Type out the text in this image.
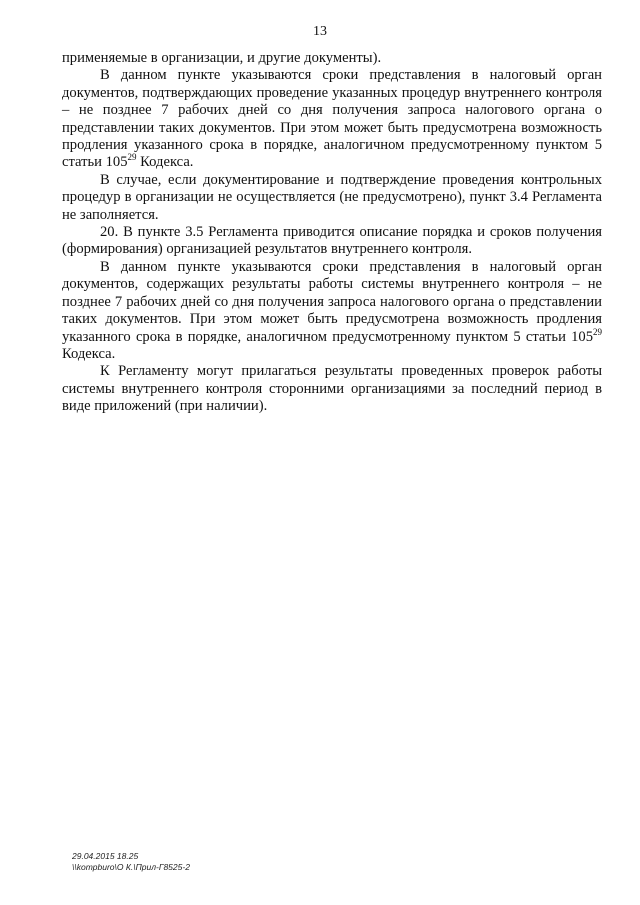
13

применяемые в организации, и другие документы).

В данном пункте указываются сроки представления в налоговый орган документов, подтверждающих проведение указанных процедур внутреннего контроля – не позднее 7 рабочих дней со дня получения запроса налогового органа о представлении таких документов. При этом может быть предусмотрена возможность продления указанного срока в порядке, аналогичном предусмотренному пунктом 5 статьи $105^{29}$ Кодекса.

В случае, если документирование и подтверждение проведения контрольных процедур в организации не осуществляется (не предусмотрено), пункт 3.4 Регламента не заполняется.

20. В пункте 3.5 Регламента приводится описание порядка и сроков получения (формирования) организацией результатов внутреннего контроля.

В данном пункте указываются сроки представления в налоговый орган документов, содержащих результаты работы системы внутреннего контроля – не позднее 7 рабочих дней со дня получения запроса налогового органа о представлении таких документов. При этом может быть предусмотрена возможность продления указанного срока в порядке, аналогичном предусмотренному пунктом 5 статьи $105^{29}$ Кодекса.

К Регламенту могут прилагаться результаты проведенных проверок работы системы внутреннего контроля сторонними организациями за последний период в виде приложений (при наличии).

29.04.2015 18.25
\\kompburo\О К.\Прил-Г8525-2
